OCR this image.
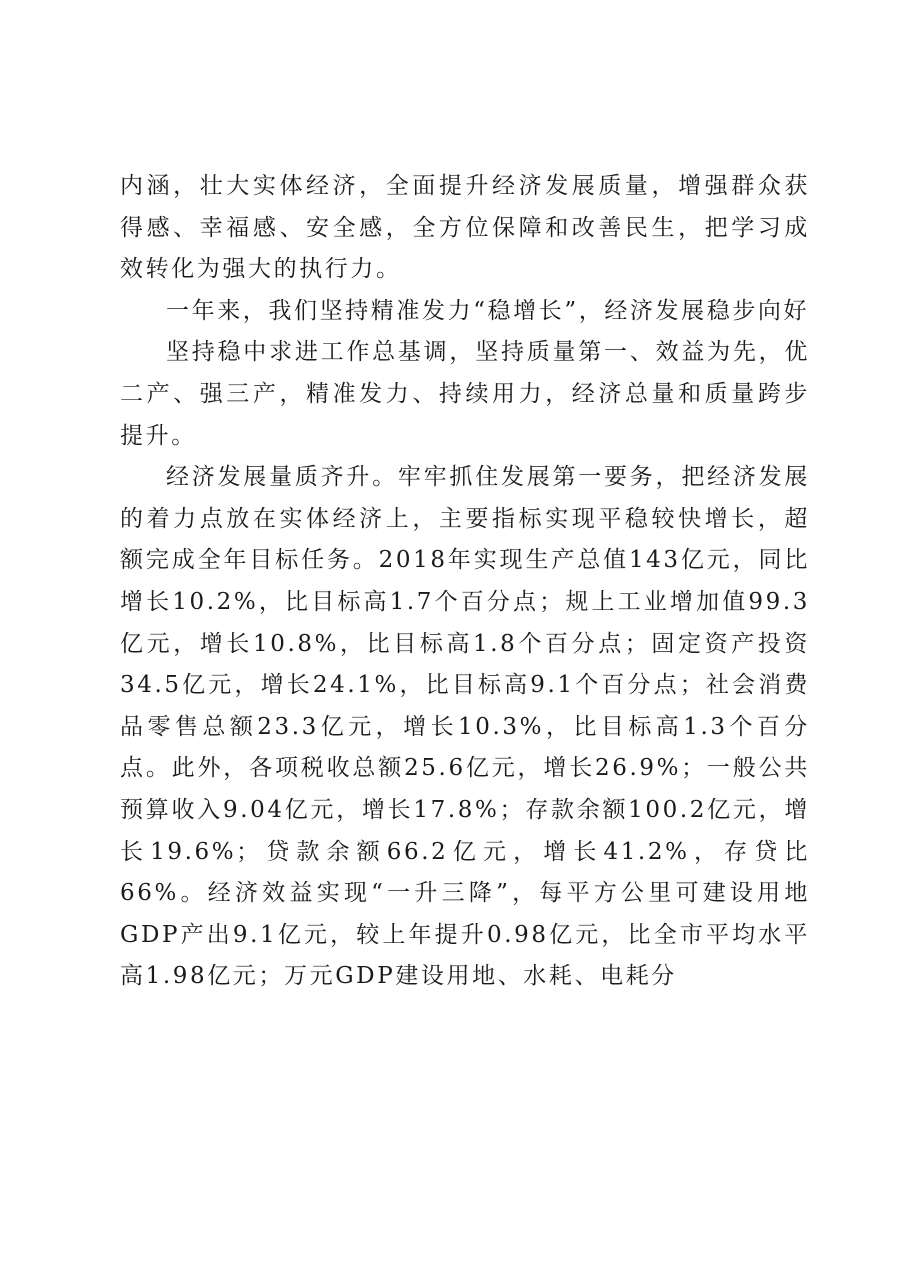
内涵，壮大实体经济，全面提升经济发展质量，增强群众获得感、幸福感、安全感，全方位保障和改善民生，把学习成效转化为强大的执行力。

一年来，我们坚持精准发力“稳增长”，经济发展稳步向好

坚持稳中求进工作总基调，坚持质量第一、效益为先，优二产、强三产，精准发力、持续用力，经济总量和质量跨步提升。

经济发展量质齐升。牢牢抓住发展第一要务，把经济发展的着力点放在实体经济上，主要指标实现平稳较快增长，超额完成全年目标任务。2018年实现生产总值143亿元，同比增长10.2%，比目标高1.7个百分点；规上工业增加值99.3亿元，增长10.8%，比目标高1.8个百分点；固定资产投资34.5亿元，增长24.1%，比目标高9.1个百分点；社会消费品零售总额23.3亿元，增长10.3%，比目标高1.3个百分点。此外，各项税收总额25.6亿元，增长26.9%；一般公共预算收入9.04亿元，增长17.8%；存款余额100.2亿元，增长19.6%；贷款余额66.2亿元，增长41.2%，存贷比66%。经济效益实现“一升三降”，每平方公里可建设用地GDP产出9.1亿元，较上年提升0.98亿元，比全市平均水平高1.98亿元；万元GDP建设用地、水耗、电耗分
